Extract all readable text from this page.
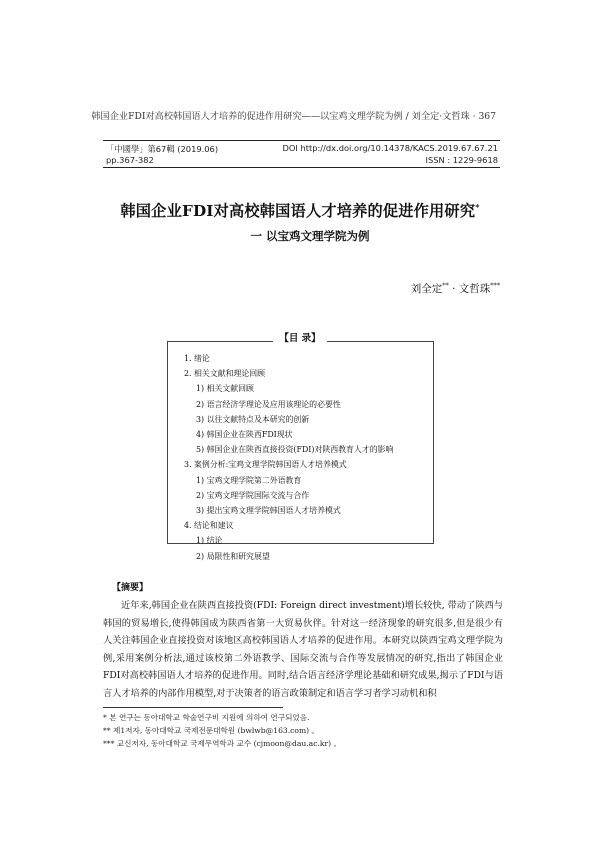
韩国企业FDI对高校韩国语人才培养的促进作用研究——以宝鸡文理学院为例 / 刘全定·文哲珠 · 367
「中國學」第67輯 (2019.06)	DOI http://dx.doi.org/10.14378/KACS.2019.67.67.21
pp.367-382	ISSN : 1229-9618
韩国企业FDI对高校韩国语人才培养的促进作用研究*
一 以宝鸡文理学院为例
刘全定** · 文哲珠***
【目 录】
1. 绪论
2. 相关文献和理论回顾
1) 相关文献回顾
2) 语言经济学理论及应用该理论的必要性
3) 以往文献特点及本研究的创新
4) 韩国企业在陕西FDI现状
5) 韩国企业在陕西直接投资(FDI)对陕西教育人才的影响
3. 案例分析:宝鸡文理学院韩国语人才培养模式
1) 宝鸡文理学院第二外语教育
2) 宝鸡文理学院国际交流与合作
3) 提出宝鸡文理学院韩国语人才培养模式
4. 结论和建议
1) 结论
2) 局限性和研究展望
【摘要】

近年来,韩国企业在陕西直接投资(FDI: Foreign direct investment)增长较快, 带动了陕西与韩国的贸易增长,使得韩国成为陕西省第一大贸易伙伴。针对这一经济现象的研究很多,但是很少有人关注韩国企业直接投资对该地区高校韩国语人才培养的促进作用。本研究以陕西宝鸡文理学院为例,采用案例分析法,通过该校第二外语教学、国际交流与合作等发展情况的研究,指出了韩国企业FDI对高校韩国语人才培养的促进作用。同时,结合语言经济学理论基础和研究成果,揭示了FDI与语言人才培养的内部作用模型,对于决策者的语言政策制定和语言学习者学习动机和积

* 본 연구는 동아대학교 학술연구비 지원에 의하여 연구되었음.
** 제1저자, 동아대학교 국제전문대학원 (bwlwb@163.com) 。
*** 교신저자, 동아대학교 국제무역학과 교수 (cjmoon@dau.ac.kr) 。
